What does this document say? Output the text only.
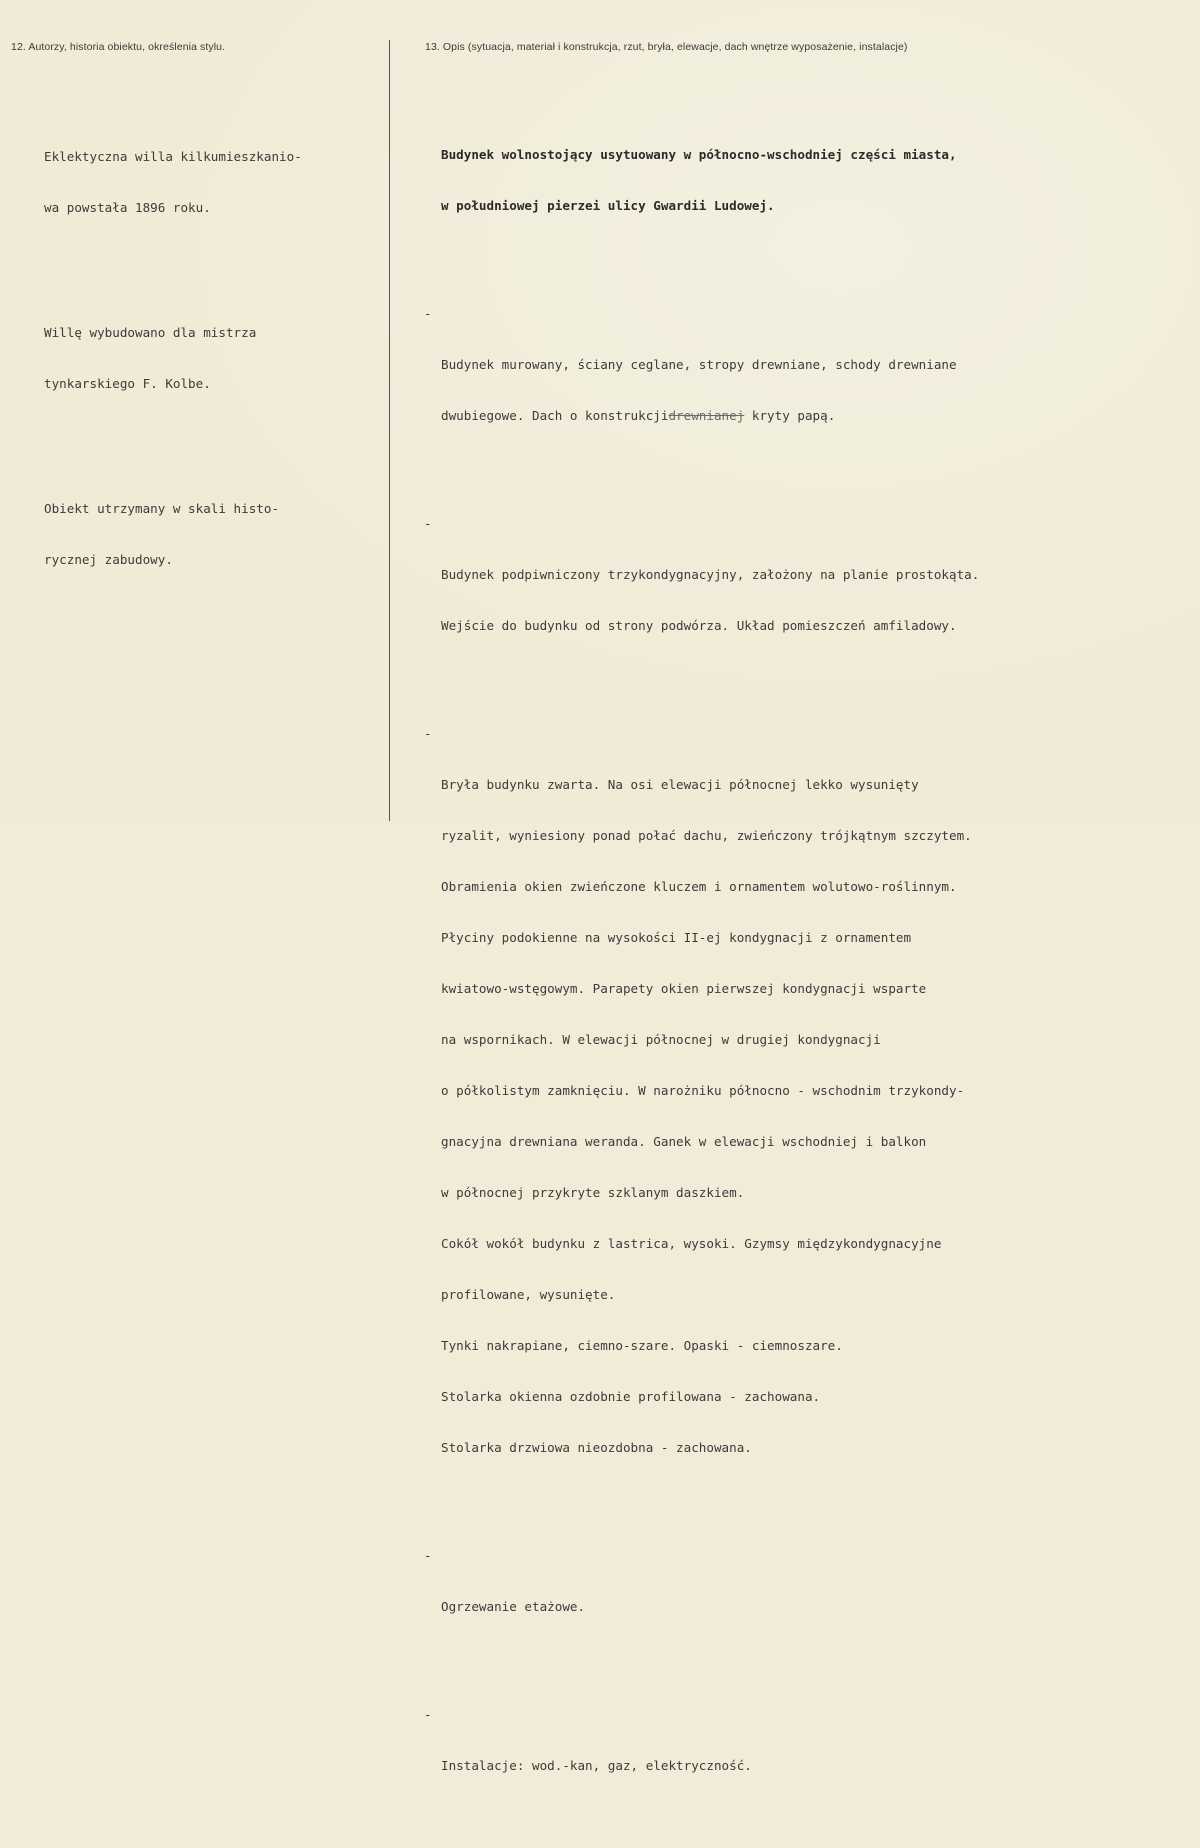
12. Autorzy, historia obiektu, określenia stylu.	13. Opis (sytuacja, materiał i konstrukcja, rzut, bryła, elewacje, dach wnętrze wyposażenie, instalacje)

Eklektyczna willa kilkumieszkanio-

wa powstała 1896 roku.

Willę wybudowano dla mistrza

tynkarskiego F. Kolbe.

Obiekt utrzymany w skali histo-

rycznej zabudowy.

Budynek wolnostojący usytuowany w północno-wschodniej części miasta,

w południowej pierzei ulicy Gwardii Ludowej.

-

Budynek murowany, ściany ceglane, stropy drewniane, schody drewniane

dwubiegowe. Dach o konstrukcjidrewnianej kryty papą.

-

Budynek podpiwniczony trzykondygnacyjny, założony na planie prostokąta.

Wejście do budynku od strony podwórza. Układ pomieszczeń amfiladowy.

-

Bryła budynku zwarta. Na osi elewacji północnej lekko wysunięty

ryzalit, wyniesiony ponad połać dachu, zwieńczony trójkątnym szczytem.

Obramienia okien zwieńczone kluczem i ornamentem wolutowo-roślinnym.

Płyciny podokienne na wysokości II-ej kondygnacji z ornamentem

kwiatowo-wstęgowym. Parapety okien pierwszej kondygnacji wsparte

na wspornikach. W elewacji północnej w drugiej kondygnacji

o półkolistym zamknięciu. W narożniku północno - wschodnim trzykondy-

gnacyjna drewniana weranda. Ganek w elewacji wschodniej i balkon

w północnej przykryte szklanym daszkiem.

Cokół wokół budynku z lastrica, wysoki. Gzymsy międzykondygnacyjne

profilowane, wysunięte.

Tynki nakrapiane, ciemno-szare. Opaski - ciemnoszare.

Stolarka okienna ozdobnie profilowana - zachowana.

Stolarka drzwiowa nieozdobna - zachowana.

-

Ogrzewanie etażowe.

-

Instalacje: wod.-kan, gaz, elektryczność.
